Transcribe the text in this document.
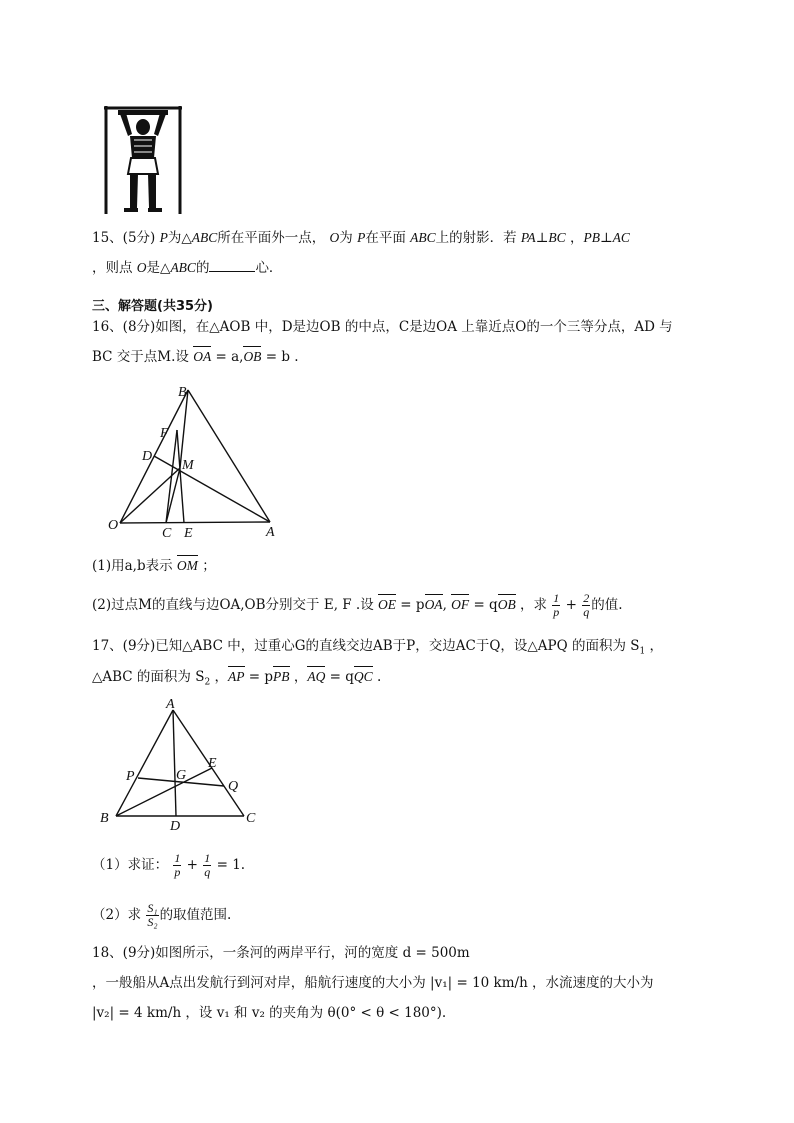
15、(5分) P为△ABC所在平面外一点， O为 P在平面 ABC上的射影．若 PA⊥BC ，PB⊥AC
，则点 O是△ABC的	心．
三、解答题(共35分)
16、(8分)如图，在△AOB 中，D是边OB 的中点，C是边OA 上靠近点O的一个三等分点，AD 与
BC 交于点M.设 OA = a,OB = b .
B
F
D
M
O
C E	A
(1)用a,b表示 OM ；
(2)过点M的直线与边OA,OB分别交于 E, F .设 OE = pOA, OF = qOB ，求 $\frac{1}{p} + \frac{2}{q}$ 的值.
17、(9分)已知△ABC 中，过重心G的直线交边AB于P，交边AC于Q，设△APQ 的面积为 $S_1$ ，
△ABC 的面积为 $S_2$ ，AP = pPB ，AQ = qQC .
A
P	G
E
Q
B
D
C
（1）求证： $\frac{1}{p} + \frac{1}{q} = 1$.
（2）求 $\frac{\text{S₁}}{\text{S₂}}$ 的取值范围.
18、(9分)如图所示，一条河的两岸平行，河的宽度 d = 500m
，一般船从A点出发航行到河对岸，船航行速度的大小为 |v₁| = 10 km/h ，水流速度的大小为
|v₂| = 4 km/h ，设 v₁ 和 v₂ 的夹角为 θ(0° < θ < 180°).
